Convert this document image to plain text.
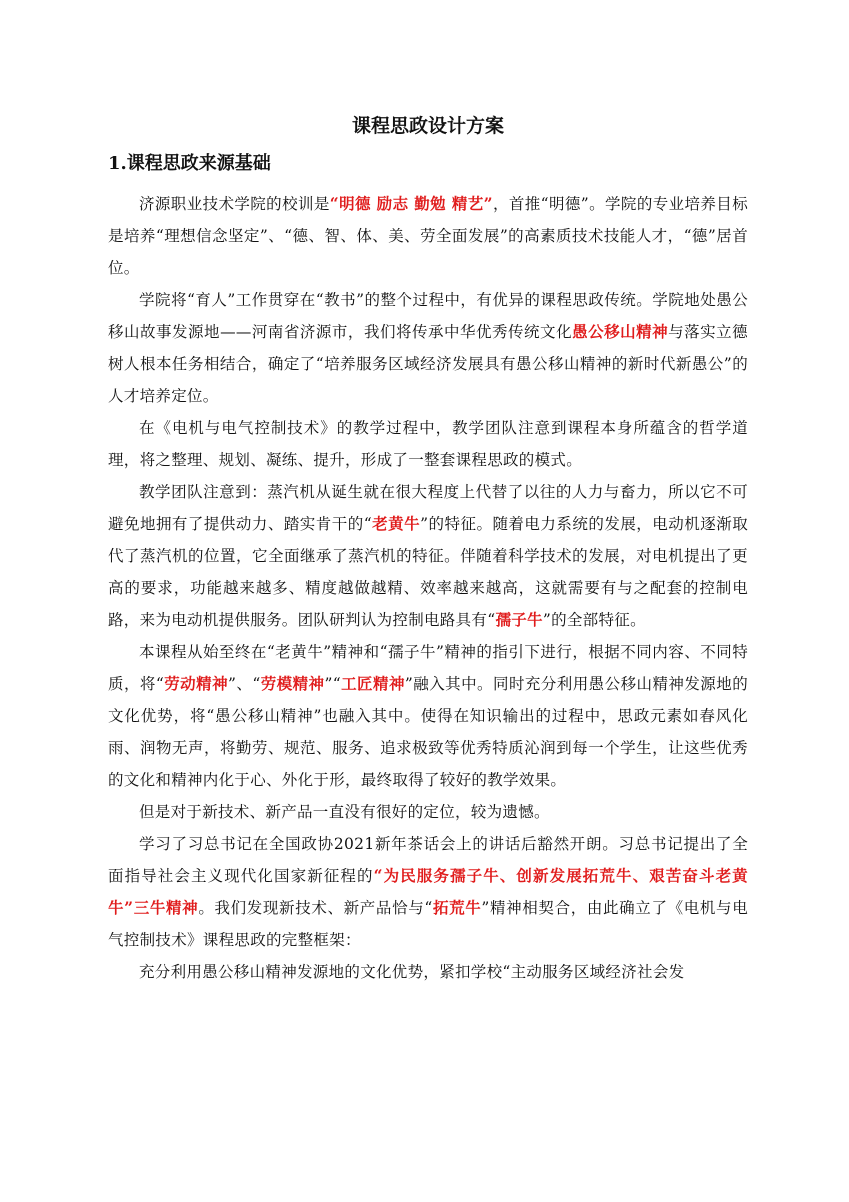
课程思政设计方案
1.课程思政来源基础

济源职业技术学院的校训是“明德 励志 勤勉 精艺”，首推“明德”。学院的专业培养目标是培养“理想信念坚定”、“德、智、体、美、劳全面发展”的高素质技术技能人才，“德”居首位。

学院将“育人”工作贯穿在“教书”的整个过程中，有优异的课程思政传统。学院地处愚公移山故事发源地——河南省济源市，我们将传承中华优秀传统文化愚公移山精神与落实立德树人根本任务相结合，确定了“培养服务区域经济发展具有愚公移山精神的新时代新愚公”的人才培养定位。

在《电机与电气控制技术》的教学过程中，教学团队注意到课程本身所蕴含的哲学道理，将之整理、规划、凝练、提升，形成了一整套课程思政的模式。

教学团队注意到：蒸汽机从诞生就在很大程度上代替了以往的人力与畜力，所以它不可避免地拥有了提供动力、踏实肯干的“老黄牛”的特征。随着电力系统的发展，电动机逐渐取代了蒸汽机的位置，它全面继承了蒸汽机的特征。伴随着科学技术的发展，对电机提出了更高的要求，功能越来越多、精度越做越精、效率越来越高，这就需要有与之配套的控制电路，来为电动机提供服务。团队研判认为控制电路具有“孺子牛”的全部特征。

本课程从始至终在“老黄牛”精神和“孺子牛”精神的指引下进行，根据不同内容、不同特质，将“劳动精神”、“劳模精神”“工匠精神”融入其中。同时充分利用愚公移山精神发源地的文化优势，将“愚公移山精神”也融入其中。使得在知识输出的过程中，思政元素如春风化雨、润物无声，将勤劳、规范、服务、追求极致等优秀特质沁润到每一个学生，让这些优秀的文化和精神内化于心、外化于形，最终取得了较好的教学效果。

但是对于新技术、新产品一直没有很好的定位，较为遗憾。

学习了习总书记在全国政协2021新年茶话会上的讲话后豁然开朗。习总书记提出了全面指导社会主义现代化国家新征程的“为民服务孺子牛、创新发展拓荒牛、艰苦奋斗老黄牛”三牛精神。我们发现新技术、新产品恰与“拓荒牛”精神相契合，由此确立了《电机与电气控制技术》课程思政的完整框架：

充分利用愚公移山精神发源地的文化优势，紧扣学校“主动服务区域经济社会发
